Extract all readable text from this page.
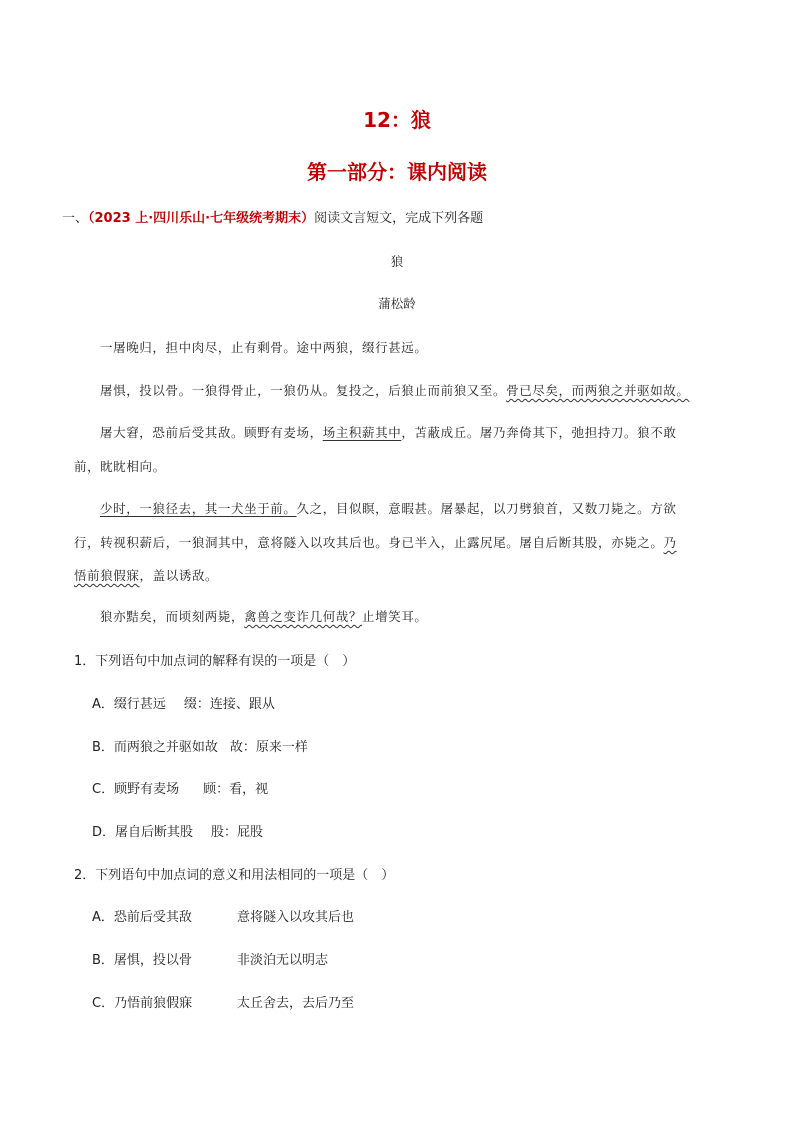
12：狼
第一部分：课内阅读
一、（2023 上·四川乐山·七年级统考期末）阅读文言短文，完成下列各题
狼
蒲松龄
一屠晚归，担中肉尽，止有剩骨。途中两狼，缀行甚远。
屠惧，投以骨。一狼得骨止，一狼仍从。复投之，后狼止而前狼又至。骨已尽矣，而两狼之并驱如故。
屠大窘，恐前后受其敌。顾野有麦场，场主积薪其中，苫蔽成丘。屠乃奔倚其下，弛担持刀。狼不敢
前，眈眈相向。
少时，一狼径去，其一犬坐于前。久之，目似瞑，意暇甚。屠暴起，以刀劈狼首，又数刀毙之。方欲
行，转视积薪后，一狼洞其中，意将隧入以攻其后也。身已半入，止露尻尾。屠自后断其股，亦毙之。乃
悟前狼假寐，盖以诱敌。
狼亦黠矣，而顷刻两毙，禽兽之变诈几何哉？止增笑耳。
1．下列语句中加点词的解释有误的一项是（　）
A．缀行甚远 缀：连接、跟从
B．而两狼之并驱如故 故：原来一样
C．顾野有麦场 顾：看，视
D．屠自后断其股 股：屁股
2．下列语句中加点词的意义和用法相同的一项是（　）
A．恐前后受其敌	意将隧入以攻其后也
B．屠惧，投以骨	非淡泊无以明志
C．乃悟前狼假寐	太丘舍去，去后乃至
